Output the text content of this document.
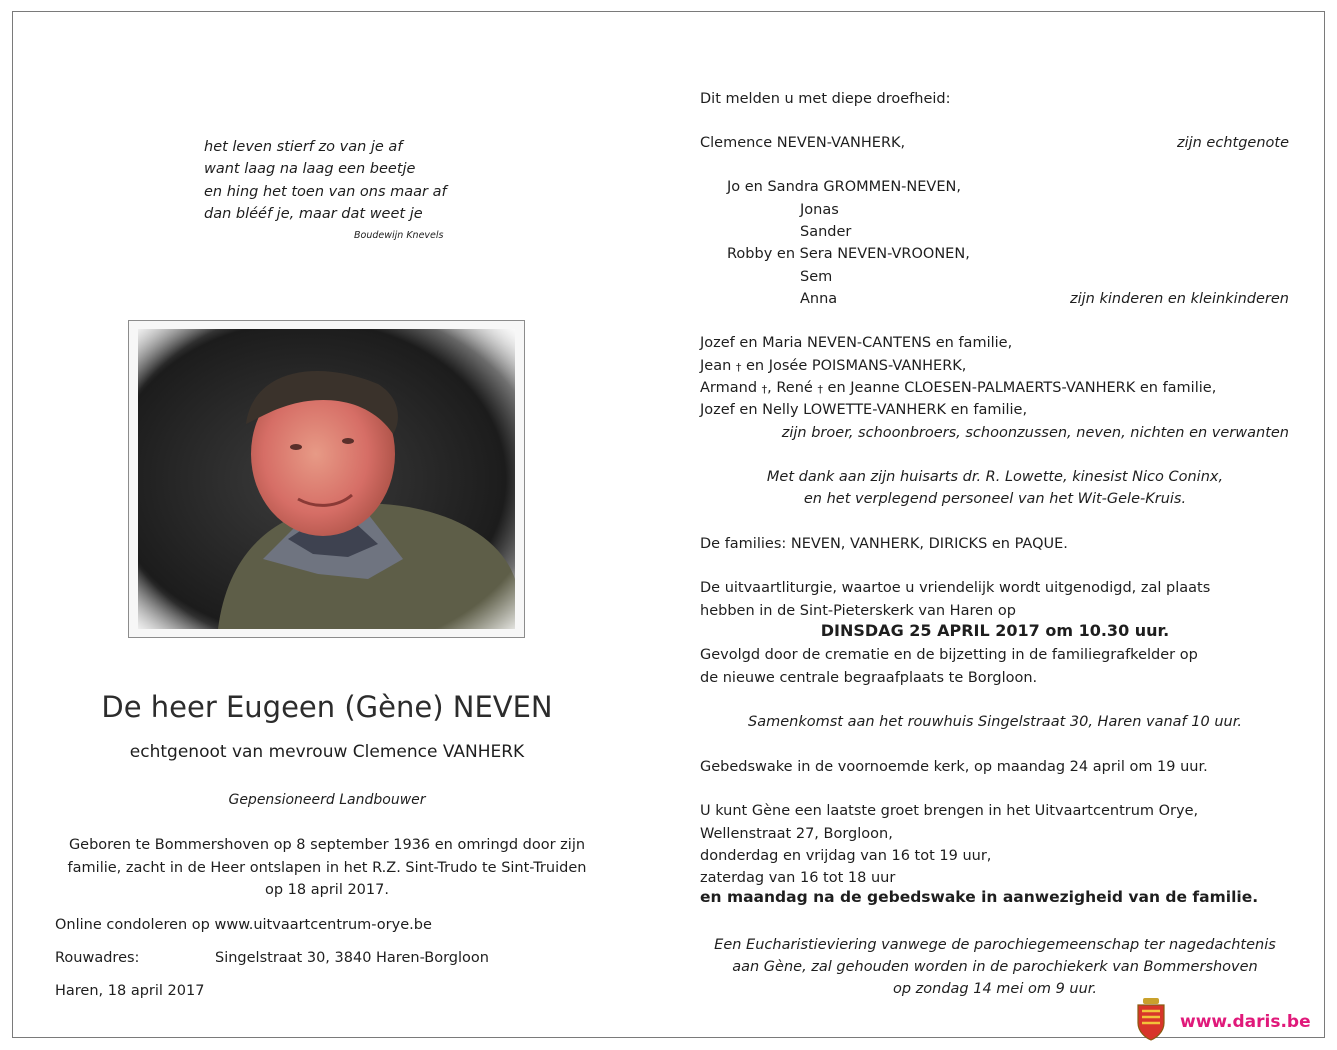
het leven stierf zo van je af
want laag na laag een beetje
en hing het toen van ons maar af
dan blééf je, maar dat weet je
Boudewijn Knevels
De heer Eugeen (Gène) NEVEN
echtgenoot van mevrouw Clemence VANHERK
Gepensioneerd Landbouwer
Geboren te Bommershoven op 8 september 1936 en omringd door zijn
familie, zacht in de Heer ontslapen in het R.Z. Sint-Trudo te Sint-Truiden
op 18 april 2017.
Online condoleren op www.uitvaartcentrum-orye.be
Rouwadres:	Singelstraat 30, 3840 Haren-Borgloon
Haren, 18 april 2017
Dit melden u met diepe droefheid:
Clemence NEVEN-VANHERK,	zijn echtgenote
Jo en Sandra GROMMEN-NEVEN,
Jonas
Sander
Robby en Sera NEVEN-VROONEN,
Sem
Anna	zijn kinderen en kleinkinderen
Jozef en Maria NEVEN-CANTENS en familie,
Jean † en Josée POISMANS-VANHERK,
Armand †, René † en Jeanne CLOESEN-PALMAERTS-VANHERK en familie,
Jozef en Nelly LOWETTE-VANHERK en familie,
zijn broer, schoonbroers, schoonzussen, neven, nichten en verwanten
Met dank aan zijn huisarts dr. R. Lowette, kinesist Nico Coninx,
en het verplegend personeel van het Wit-Gele-Kruis.
De families: NEVEN, VANHERK, DIRICKS en PAQUE.
De uitvaartliturgie, waartoe u vriendelijk wordt uitgenodigd, zal plaats
hebben in de Sint-Pieterskerk van Haren op
DINSDAG 25 APRIL 2017 om 10.30 uur.
Gevolgd door de crematie en de bijzetting in de familiegrafkelder op
de nieuwe centrale begraafplaats te Borgloon.
Samenkomst aan het rouwhuis Singelstraat 30, Haren vanaf 10 uur.
Gebedswake in de voornoemde kerk, op maandag 24 april om 19 uur.
U kunt Gène een laatste groet brengen in het Uitvaartcentrum Orye,
Wellenstraat 27, Borgloon,
donderdag en vrijdag van 16 tot 19 uur,
zaterdag van 16 tot 18 uur
en maandag na de gebedswake in aanwezigheid van de familie.
Een Eucharistieviering vanwege de parochiegemeenschap ter nagedachtenis
aan Gène, zal gehouden worden in de parochiekerk van Bommershoven
op zondag 14 mei om 9 uur.
www.daris.be
